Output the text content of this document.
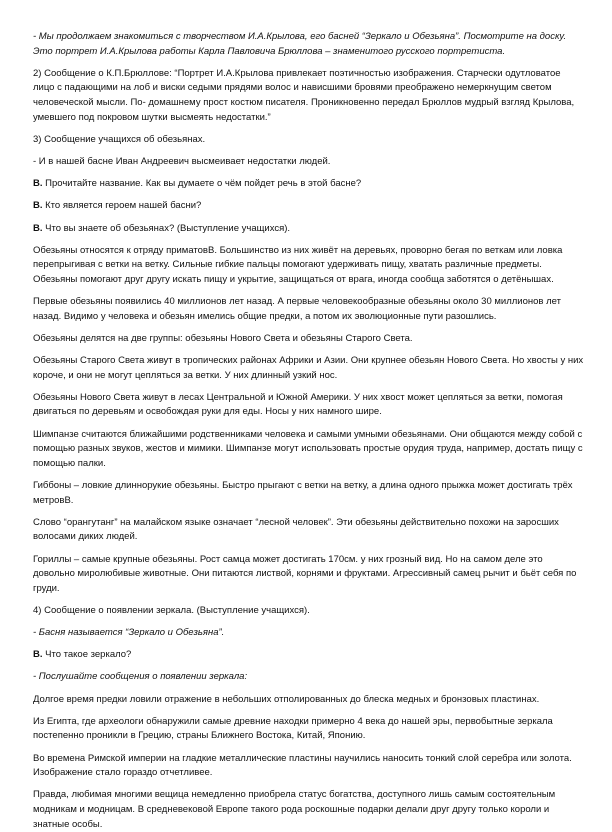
- Мы продолжаем знакомиться с творчеством И.А.Крылова, его басней “Зеркало и Обезьяна”. Посмотрите на доску. Это портрет И.А.Крылова работы Карла Павловича Брюллова – знаменитого русского портретиста.

2) Сообщение о К.П.Брюллове: “Портрет И.А.Крылова привлекает поэтичностью изображения. Старчески одутловатое лицо с падающими на лоб и виски седыми прядями волос и нависшими бровями преображено немеркнущим светом человеческой мысли. По- домашнему прост костюм писателя. Проникновенно передал Брюллов мудрый взгляд Крылова, умевшего под покровом шутки высмеять недостатки.”

3) Сообщение учащихся об обезьянах.

- И в нашей басне Иван Андреевич высмеивает недостатки людей.

В. Прочитайте название. Как вы думаете о чём пойдет речь в этой басне?

В. Кто является героем нашей басни?

В. Что вы знаете об обезьянах? (Выступление учащихся).

Обезьяны относятся к отряду приматовВ. Большинство из них живёт на деревьях, проворно бегая по веткам или ловка перепрыгивая с ветки на ветку. Сильные гибкие пальцы помогают удерживать пищу, хватать различные предметы. Обезьяны помогают друг другу искать пищу и укрытие, защищаться от врага, иногда сообща заботятся о детёнышах.

Первые обезьяны появились 40 миллионов лет назад. А первые человекообразные обезьяны около 30 миллионов лет назад. Видимо у человека и обезьян имелись общие предки, а потом их эволюционные пути разошлись.

Обезьяны делятся на две группы: обезьяны Нового Света и обезьяны Старого Света.

Обезьяны Старого Света живут в тропических районах Африки и Азии. Они крупнее обезьян Нового Света. Но хвосты у них короче, и они не могут цепляться за ветки. У них длинный узкий нос.

Обезьяны Нового Света живут в лесах Центральной и Южной Америки. У них хвост может цепляться за ветки, помогая двигаться по деревьям и освобождая руки для еды. Носы у них намного шире.

Шимпанзе считаются ближайшими родственниками человека и самыми умными обезьянами. Они общаются между собой с помощью разных звуков, жестов и мимики. Шимпанзе могут использовать простые орудия труда, например, достать пищу с помощью палки.

Гиббоны – ловкие длиннорукие обезьяны. Быстро прыгают с ветки на ветку, а длина одного прыжка может достигать трёх метровВ.

Слово “орангутанг” на малайском языке означает “лесной человек”. Эти обезьяны действительно похожи на заросших волосами диких людей.

Гориллы – самые крупные обезьяны. Рост самца может достигать 170см. у них грозный вид. Но на самом деле это довольно миролюбивые животные. Они питаются листвой, корнями и фруктами. Агрессивный самец рычит и бьёт себя по груди.

4) Сообщение о появлении зеркала. (Выступление учащихся).

- Басня называется “Зеркало и Обезьяна”.

В. Что такое зеркало?

- Послушайте сообщения о появлении зеркала:

Долгое время предки ловили отражение в небольших отполированных до блеска медных и бронзовых пластинах.

Из Египта, где археологи обнаружили самые древние находки примерно 4 века до нашей эры, первобытные зеркала постепенно проникли в Грецию, страны Ближнего Востока, Китай, Японию.

Во времена Римской империи на гладкие металлические пластины научились наносить тонкий слой серебра или золота. Изображение стало гораздо отчетливее.

Правда, любимая многими вещица немедленно приобрела статус богатства, доступного лишь самым состоятельным модникам и модницам. В средневековой Европе такого рода роскошные подарки делали друг другу только короли и знатные особы.
